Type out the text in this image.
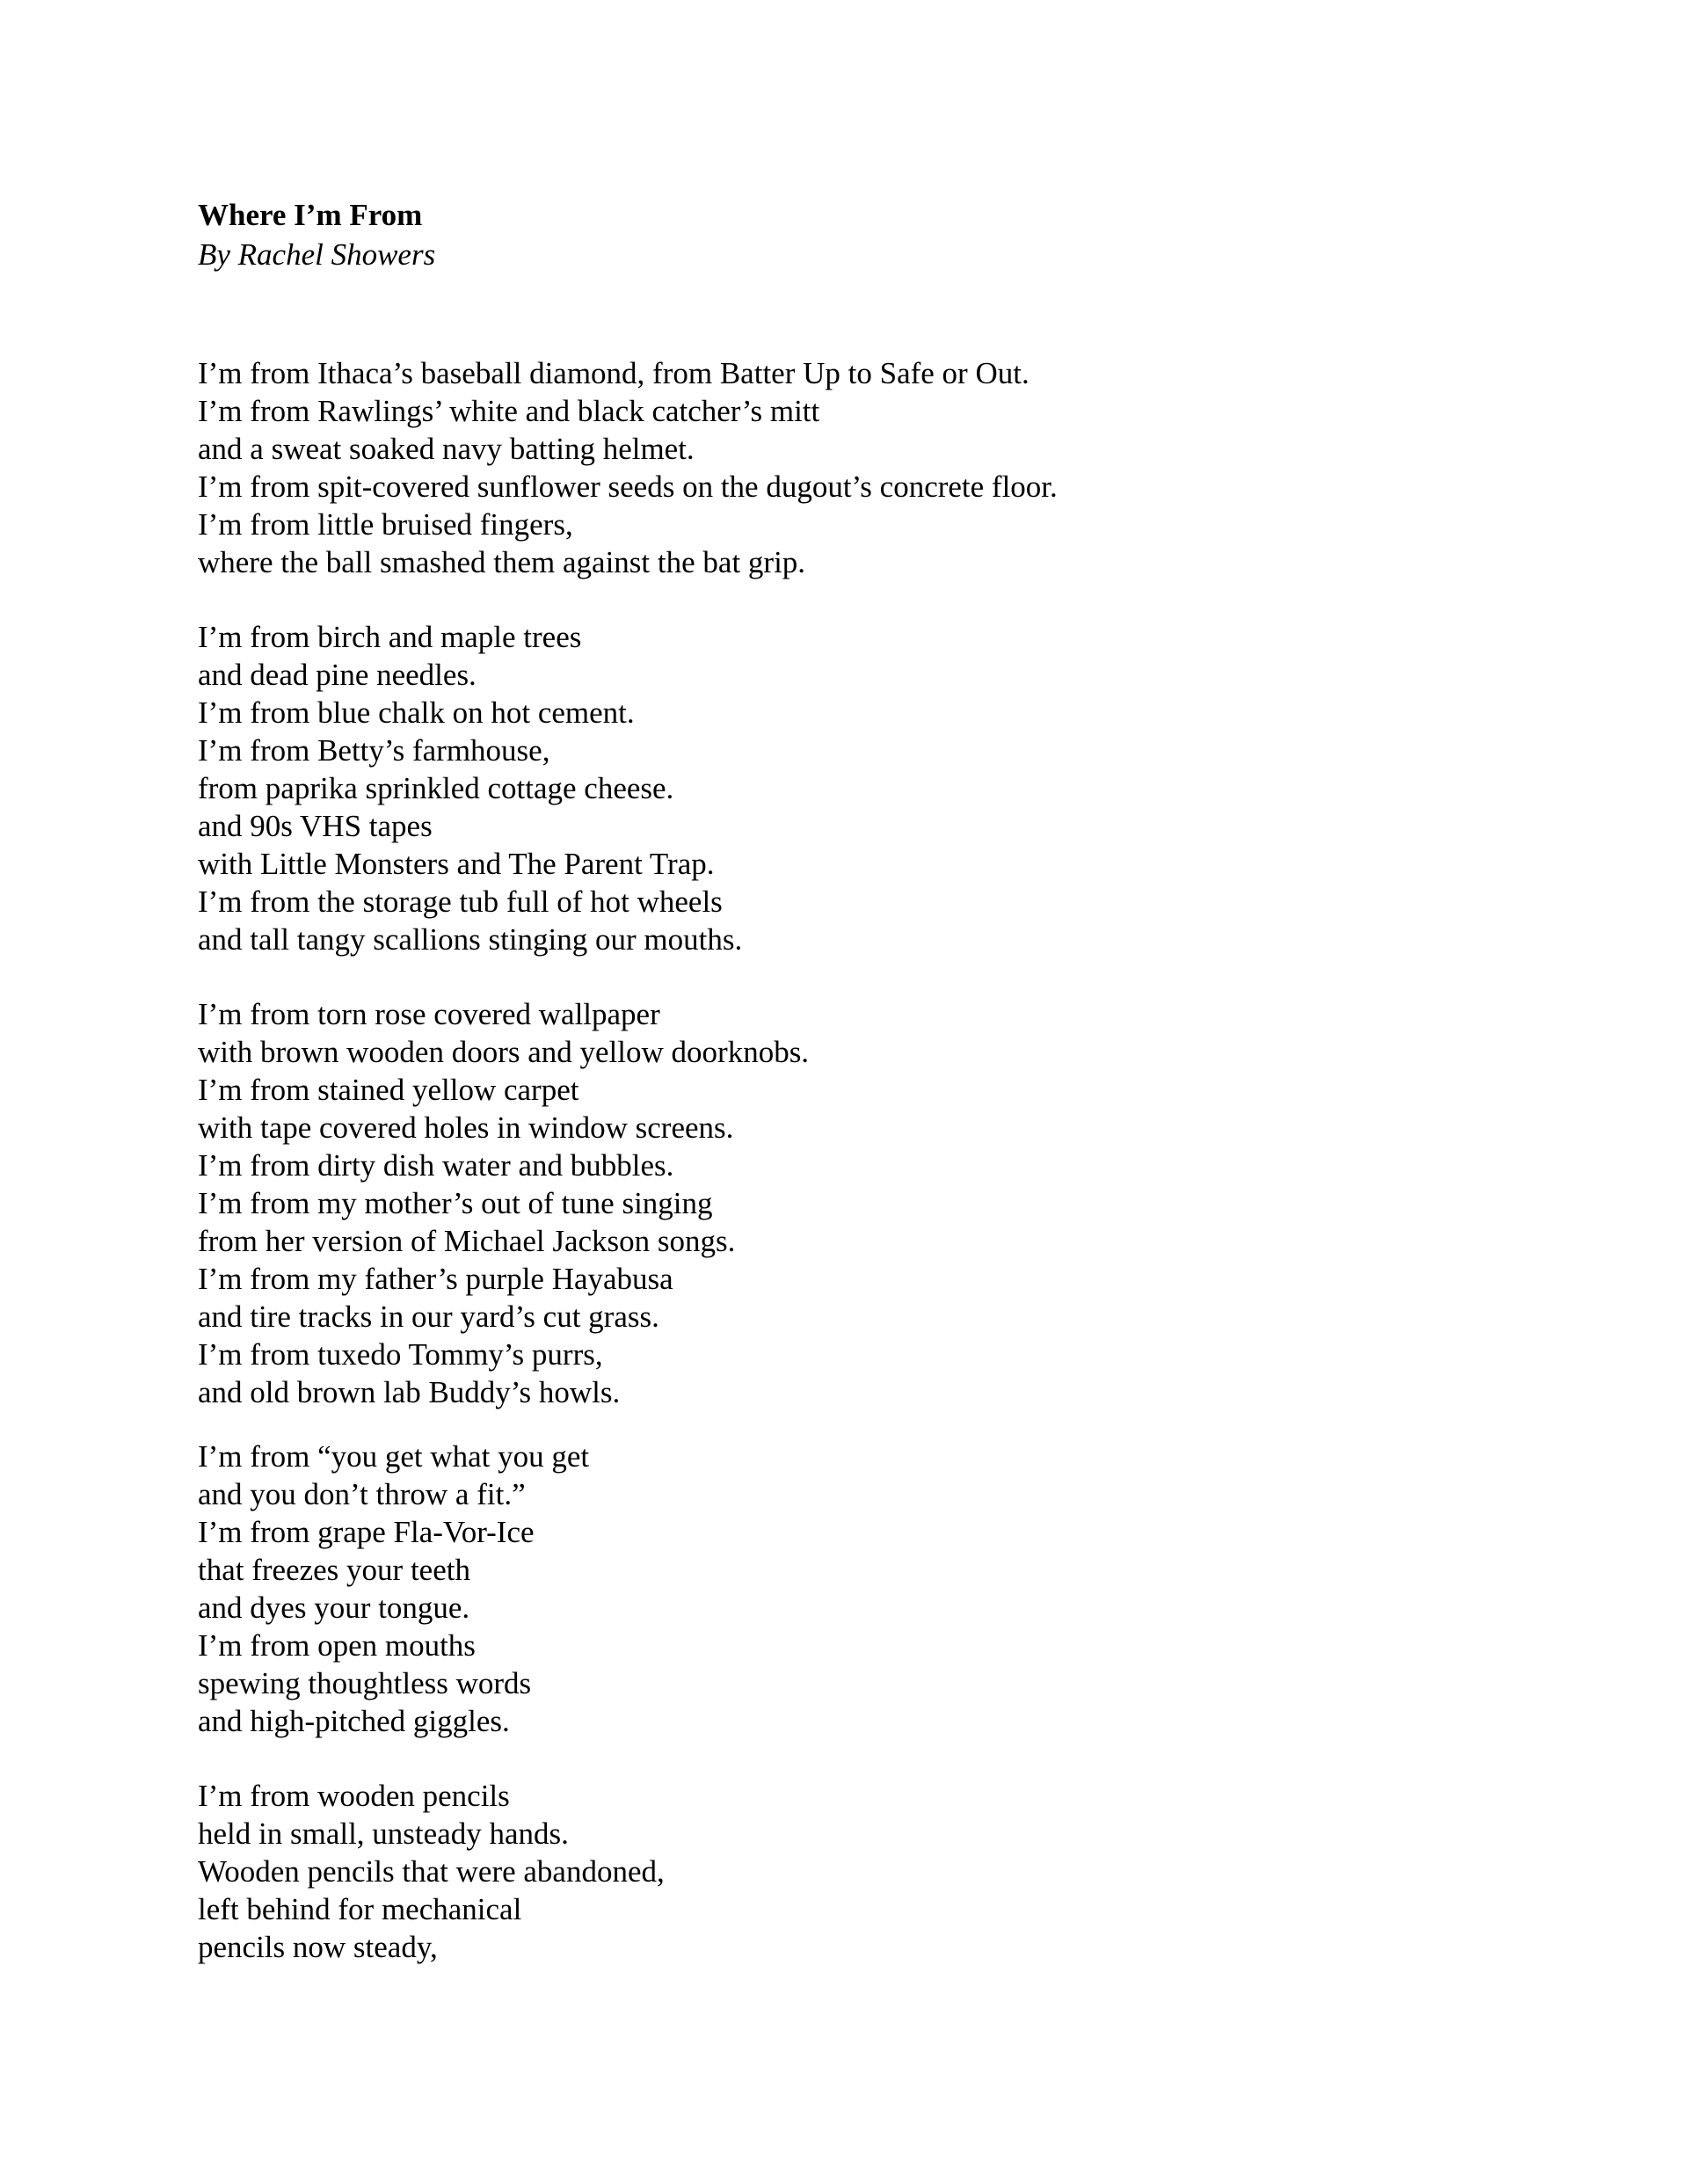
Where I’m From
By Rachel Showers
I’m from Ithaca’s baseball diamond, from Batter Up to Safe or Out.
I’m from Rawlings’ white and black catcher’s mitt
and a sweat soaked navy batting helmet.
I’m from spit-covered sunflower seeds on the dugout’s concrete floor.
I’m from little bruised fingers,
where the ball smashed them against the bat grip.
I’m from birch and maple trees
and dead pine needles.
I’m from blue chalk on hot cement.
I’m from Betty’s farmhouse,
from paprika sprinkled cottage cheese.
and 90s VHS tapes
with Little Monsters and The Parent Trap.
I’m from the storage tub full of hot wheels
and tall tangy scallions stinging our mouths.
I’m from torn rose covered wallpaper
with brown wooden doors and yellow doorknobs.
I’m from stained yellow carpet
with tape covered holes in window screens.
I’m from dirty dish water and bubbles.
I’m from my mother’s out of tune singing
from her version of Michael Jackson songs.
I’m from my father’s purple Hayabusa
and tire tracks in our yard’s cut grass.
I’m from tuxedo Tommy’s purrs,
and old brown lab Buddy’s howls.
I’m from “you get what you get
and you don’t throw a fit.”
I’m from grape Fla-Vor-Ice
that freezes your teeth
and dyes your tongue.
I’m from open mouths
spewing thoughtless words
and high-pitched giggles.
I’m from wooden pencils
held in small, unsteady hands.
Wooden pencils that were abandoned,
left behind for mechanical
pencils now steady,
